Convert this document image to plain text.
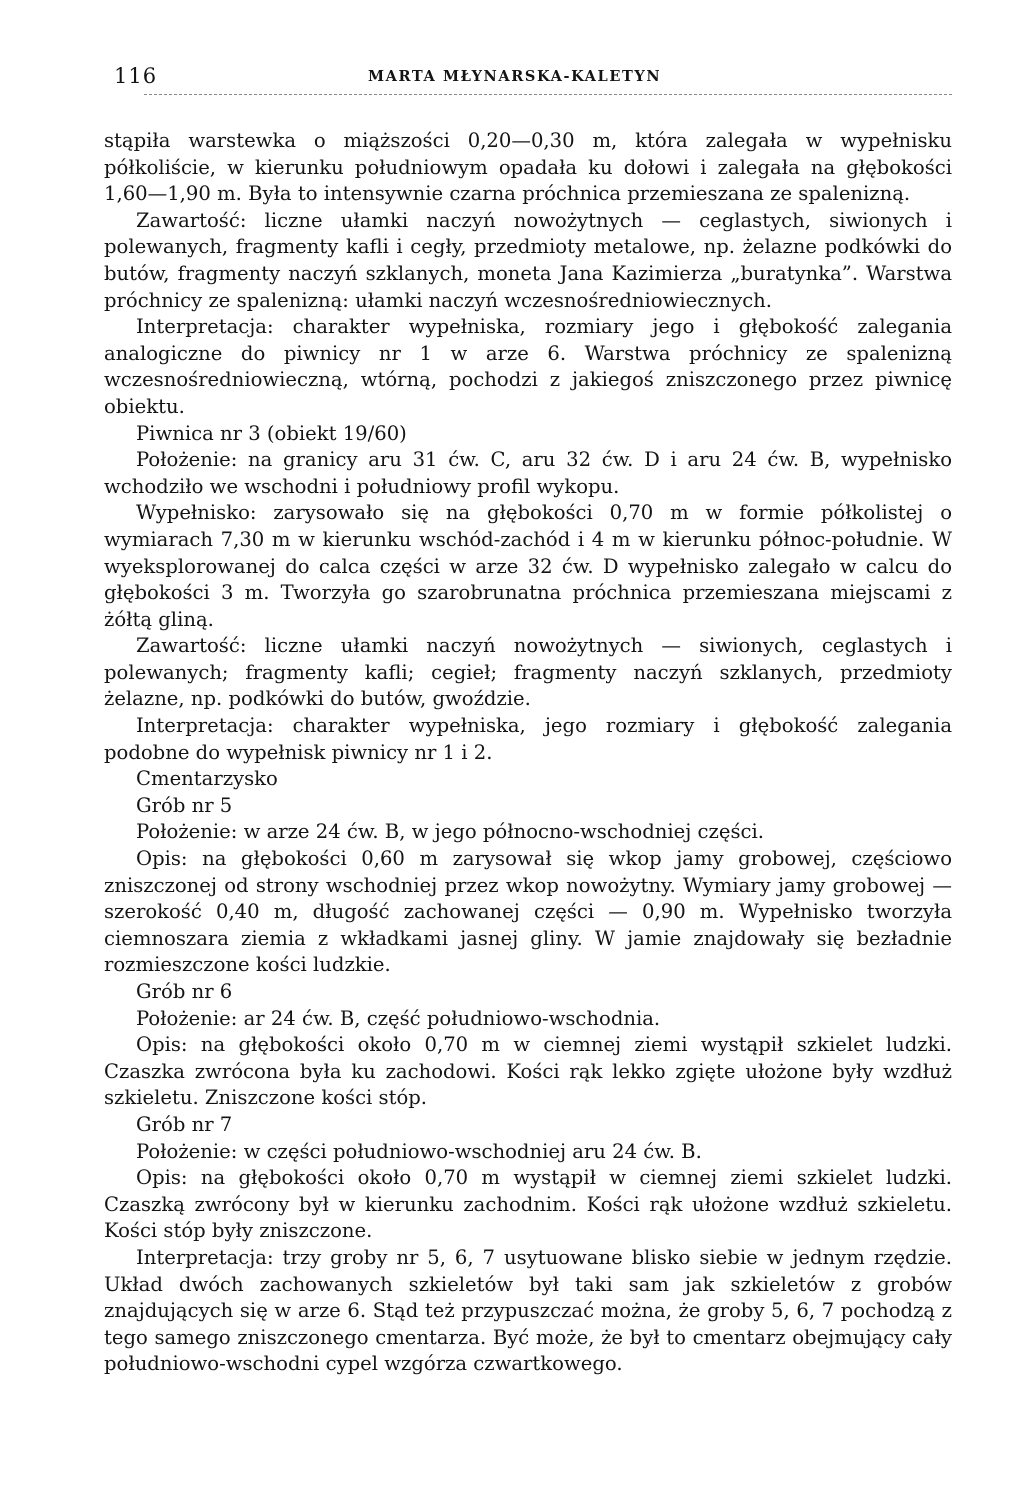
116	MARTA MŁYNARSKA-KALETYN

stąpiła warstewka o miąższości 0,20—0,30 m, która zalegała w wypełnisku półkoliście, w kierunku południowym opadała ku dołowi i zalegała na głębokości 1,60—1,90 m. Była to intensywnie czarna próchnica przemieszana ze spalenizną.

Zawartość: liczne ułamki naczyń nowożytnych — ceglastych, siwionych i polewanych, fragmenty kafli i cegły, przedmioty metalowe, np. żelazne podkówki do butów, fragmenty naczyń szklanych, moneta Jana Kazimierza „buratynka”. Warstwa próchnicy ze spalenizną: ułamki naczyń wczesnośredniowiecznych.

Interpretacja: charakter wypełniska, rozmiary jego i głębokość zalegania analogiczne do piwnicy nr 1 w arze 6. Warstwa próchnicy ze spalenizną wczesnośredniowieczną, wtórną, pochodzi z jakiegoś zniszczonego przez piwnicę obiektu.

Piwnica nr 3 (obiekt 19/60)

Położenie: na granicy aru 31 ćw. C, aru 32 ćw. D i aru 24 ćw. B, wypełnisko wchodziło we wschodni i południowy profil wykopu.

Wypełnisko: zarysowało się na głębokości 0,70 m w formie półkolistej o wymiarach 7,30 m w kierunku wschód-zachód i 4 m w kierunku północ-południe. W wyeksplorowanej do calca części w arze 32 ćw. D wypełnisko zalegało w calcu do głębokości 3 m. Tworzyła go szarobrunatna próchnica przemieszana miejscami z żółtą gliną.

Zawartość: liczne ułamki naczyń nowożytnych — siwionych, ceglastych i polewanych; fragmenty kafli; cegieł; fragmenty naczyń szklanych, przedmioty żelazne, np. podkówki do butów, gwoździe.

Interpretacja: charakter wypełniska, jego rozmiary i głębokość zalegania podobne do wypełnisk piwnicy nr 1 i 2.

Cmentarzysko

Grób nr 5

Położenie: w arze 24 ćw. B, w jego północno-wschodniej części.

Opis: na głębokości 0,60 m zarysował się wkop jamy grobowej, częściowo zniszczonej od strony wschodniej przez wkop nowożytny. Wymiary jamy grobowej — szerokość 0,40 m, długość zachowanej części — 0,90 m. Wypełnisko tworzyła ciemnoszara ziemia z wkładkami jasnej gliny. W jamie znajdowały się bezładnie rozmieszczone kości ludzkie.

Grób nr 6

Położenie: ar 24 ćw. B, część południowo-wschodnia.

Opis: na głębokości około 0,70 m w ciemnej ziemi wystąpił szkielet ludzki. Czaszka zwrócona była ku zachodowi. Kości rąk lekko zgięte ułożone były wzdłuż szkieletu. Zniszczone kości stóp.

Grób nr 7

Położenie: w części południowo-wschodniej aru 24 ćw. B.

Opis: na głębokości około 0,70 m wystąpił w ciemnej ziemi szkielet ludzki. Czaszką zwrócony był w kierunku zachodnim. Kości rąk ułożone wzdłuż szkieletu. Kości stóp były zniszczone.

Interpretacja: trzy groby nr 5, 6, 7 usytuowane blisko siebie w jednym rzędzie. Układ dwóch zachowanych szkieletów był taki sam jak szkieletów z grobów znajdujących się w arze 6. Stąd też przypuszczać można, że groby 5, 6, 7 pochodzą z tego samego zniszczonego cmentarza. Być może, że był to cmentarz obejmujący cały południowo-wschodni cypel wzgórza czwartkowego.
